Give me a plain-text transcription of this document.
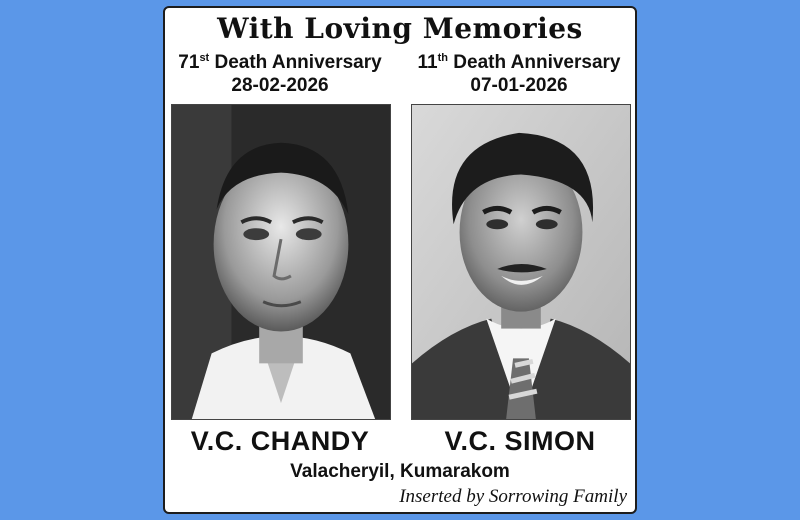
With Loving Memories
71st Death Anniversary
28-02-2026
11th Death Anniversary
07-01-2026
V.C. CHANDY	V.C. SIMON
Valacheryil, Kumarakom
Inserted by Sorrowing Family
